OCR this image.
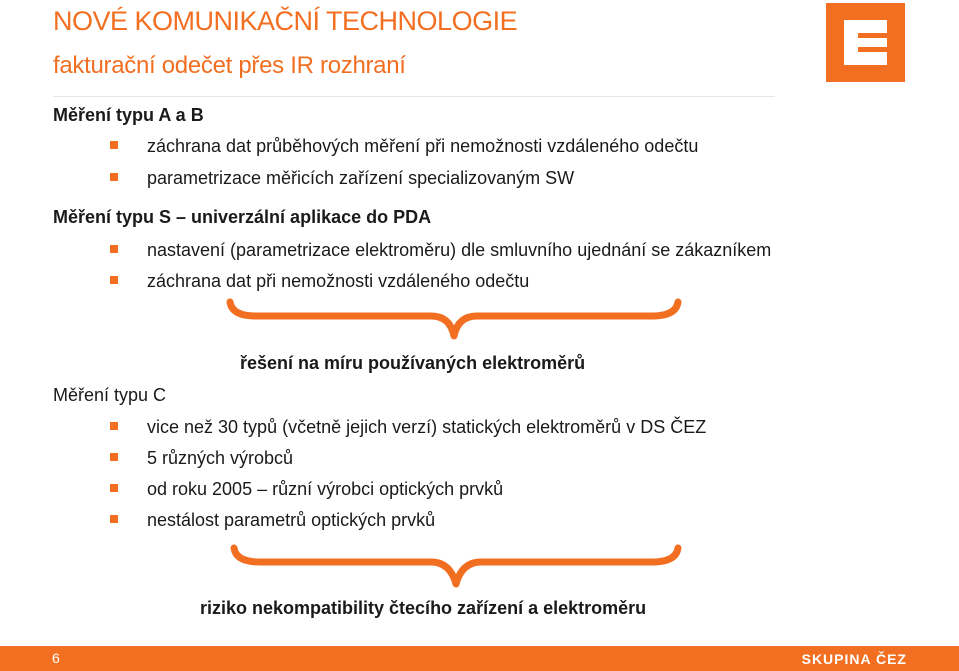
NOVÉ KOMUNIKAČNÍ TECHNOLOGIE
fakturační odečet přes IR rozhraní
Měření typu A a B
záchrana dat průběhových měření při nemožnosti vzdáleného odečtu
parametrizace měřicích zařízení specializovaným SW
Měření typu S – univerzální aplikace do PDA
nastavení (parametrizace elektroměru) dle smluvního ujednání se zákazníkem
záchrana dat při nemožnosti vzdáleného odečtu
řešení na míru používaných elektroměrů
Měření typu C
vice než 30 typů (včetně jejich verzí) statických elektroměrů v DS ČEZ
5 různých výrobců
od roku 2005 – různí výrobci optických prvků
nestálost parametrů optických prvků
riziko nekompatibility čtecího zařízení a elektroměru
6	SKUPINA ČEZ
